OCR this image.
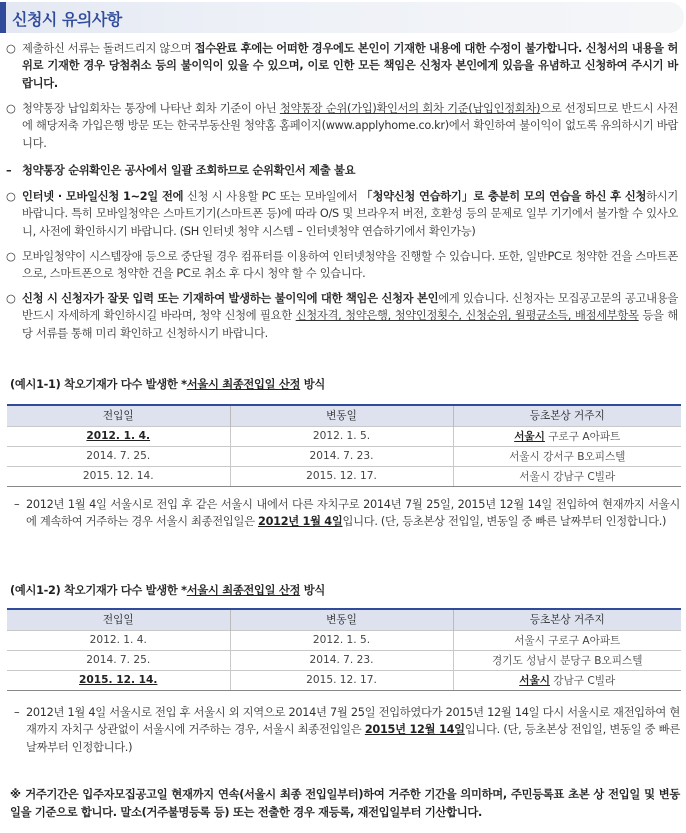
신청시 유의사항
○ 제출하신 서류는 돌려드리지 않으며 접수완료 후에는 어떠한 경우에도 본인이 기재한 내용에 대한 수정이 불가합니다. 신청서의 내용을 허위로 기재한 경우 당첨취소 등의 불이익이 있을 수 있으며, 이로 인한 모든 책임은 신청자 본인에게 있음을 유념하고 신청하여 주시기 바랍니다.
○ 청약통장 납입회차는 통장에 나타난 회차 기준이 아닌 청약통장 순위(가입)확인서의 회차 기준(납입인정회차)으로 선정되므로 반드시 사전에 해당저축 가입은행 방문 또는 한국부동산원 청약홈 홈페이지(www.applyhome.co.kr)에서 확인하여 불이익이 없도록 유의하시기 바랍니다.
– 청약통장 순위확인은 공사에서 일괄 조회하므로 순위확인서 제출 불요
○ 인터넷 · 모바일신청 1~2일 전에 신청 시 사용할 PC 또는 모바일에서 「청약신청 연습하기」로 충분히 모의 연습을 하신 후 신청하시기 바랍니다. 특히 모바일청약은 스마트기기(스마트폰 등)에 따라 O/S 및 브라우저 버전, 호환성 등의 문제로 일부 기기에서 불가할 수 있사오니, 사전에 확인하시기 바랍니다. (SH 인터넷 청약 시스템 – 인터넷청약 연습하기에서 확인가능)
○ 모바일청약이 시스템장애 등으로 중단될 경우 컴퓨터를 이용하여 인터넷청약을 진행할 수 있습니다. 또한, 일반PC로 청약한 건을 스마트폰으로, 스마트폰으로 청약한 건을 PC로 취소 후 다시 청약 할 수 있습니다.
○ 신청 시 신청자가 잘못 입력 또는 기재하여 발생하는 불이익에 대한 책임은 신청자 본인에게 있습니다. 신청자는 모집공고문의 공고내용을 반드시 자세하게 확인하시길 바라며, 청약 신청에 필요한 신청자격, 청약은행, 청약인정횟수, 신청순위, 월평균소득, 배점세부항목 등을 해당 서류를 통해 미리 확인하고 신청하시기 바랍니다.
(예시1-1) 착오기재가 다수 발생한 *서울시 최종전입일 산정 방식
전입일	변동일	등초본상 거주지
2012. 1. 4.	2012. 1. 5.	서울시 구로구 A아파트
2014. 7. 25.	2014. 7. 23.	서울시 강서구 B오피스텔
2015. 12. 14.	2015. 12. 17.	서울시 강남구 C빌라
– 2012년 1월 4일 서울시로 전입 후 같은 서울시 내에서 다른 자치구로 2014년 7월 25일, 2015년 12월 14일 전입하여 현재까지 서울시에 계속하여 거주하는 경우 서울시 최종전입일은 2012년 1월 4일입니다. (단, 등초본상 전입일, 변동일 중 빠른 날짜부터 인정합니다.)
(예시1-2) 착오기재가 다수 발생한 *서울시 최종전입일 산정 방식
전입일	변동일	등초본상 거주지
2012. 1. 4.	2012. 1. 5.	서울시 구로구 A아파트
2014. 7. 25.	2014. 7. 23.	경기도 성남시 분당구 B오피스텔
2015. 12. 14.	2015. 12. 17.	서울시 강남구 C빌라
– 2012년 1월 4일 서울시로 전입 후 서울시 외 지역으로 2014년 7월 25일 전입하였다가 2015년 12월 14일 다시 서울시로 재전입하여 현재까지 자치구 상관없이 서울시에 거주하는 경우, 서울시 최종전입일은 2015년 12월 14일입니다. (단, 등초본상 전입일, 변동일 중 빠른 날짜부터 인정합니다.)
※ 거주기간은 입주자모집공고일 현재까지 연속(서울시 최종 전입일부터)하여 거주한 기간을 의미하며, 주민등록표 초본 상 전입일 및 변동일을 기준으로 합니다. 말소(거주불명등록 등) 또는 전출한 경우 재등록, 재전입일부터 기산합니다.
